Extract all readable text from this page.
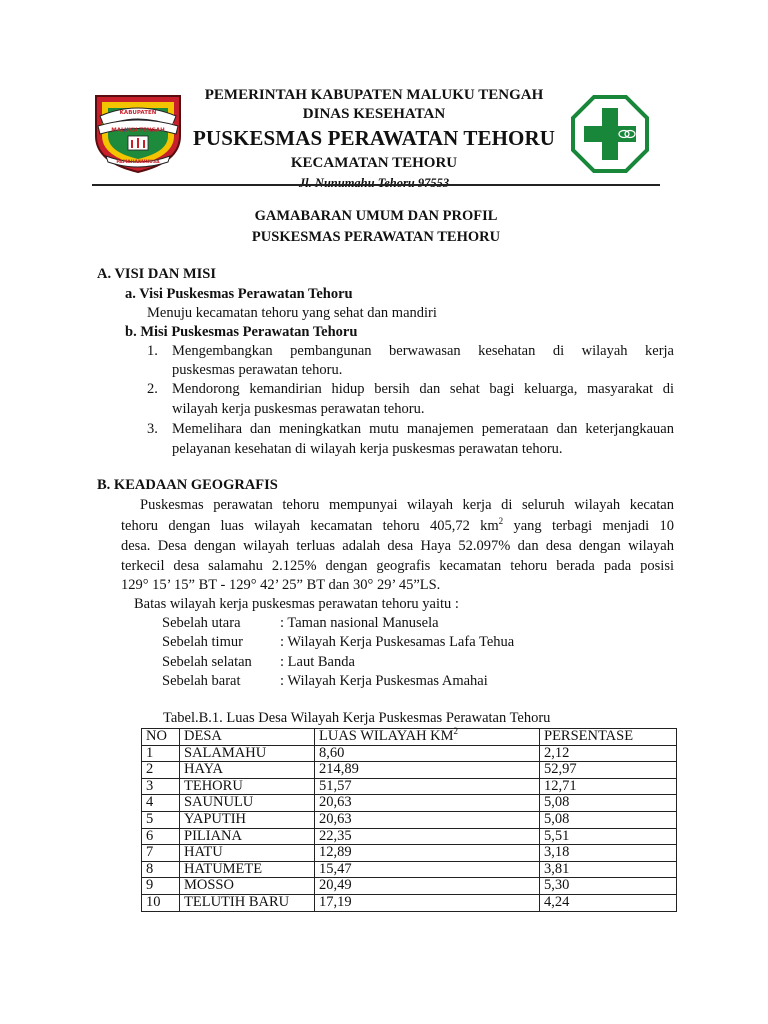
KABUPATEN
MALUKU TENGAH
PAMAHANUNUSA
PEMERINTAH KABUPATEN MALUKU TENGAH
DINAS KESEHATAN
PUSKESMAS PERAWATAN TEHORU
KECAMATAN TEHORU
Jl. Nunumahu Tehoru 97553
GAMABARAN UMUM DAN PROFIL
PUSKESMAS PERAWATAN TEHORU
A. VISI DAN MISI
a. Visi Puskesmas Perawatan Tehoru
Menuju kecamatan tehoru yang sehat dan mandiri
b. Misi Puskesmas Perawatan Tehoru
1. Mengembangkan pembangunan berwawasan kesehatan di wilayah kerja
puskesmas perawatan tehoru.
2. Mendorong kemandirian hidup bersih dan sehat bagi keluarga, masyarakat di
wilayah kerja puskesmas perawatan tehoru.
3. Memelihara dan meningkatkan mutu manajemen pemerataan dan keterjangkauan
pelayanan kesehatan di wilayah kerja puskesmas perawatan tehoru.
B. KEADAAN GEOGRAFIS
Puskesmas perawatan tehoru mempunyai wilayah kerja di seluruh wilayah kecatan
tehoru dengan luas wilayah kecamatan tehoru 405,72 $km^2$ yang terbagi menjadi 10
desa. Desa dengan wilayah terluas adalah desa Haya 52.097% dan desa dengan wilayah
terkecil desa salamahu 2.125% dengan geografis kecamatan tehoru berada pada posisi
129° 15’ 15” BT - 129° 42’ 25” BT dan 30° 29’ 45”LS.
Batas wilayah kerja puskesmas perawatan tehoru yaitu :
Sebelah utara	: Taman nasional Manusela
Sebelah timur	: Wilayah Kerja Puskesamas Lafa Tehua
Sebelah selatan : Laut Banda
Sebelah barat	: Wilayah Kerja Puskesmas Amahai
Tabel.B.1. Luas Desa Wilayah Kerja Puskesmas Perawatan Tehoru
NO	DESA	LUAS WILAYAH $KM^2$	PERSENTASE
1	SALAMAHU	8,60	2,12
2	HAYA	214,89	52,97
3	TEHORU	51,57	12,71
4	SAUNULU	20,63	5,08
5	YAPUTIH	20,63	5,08
6	PILIANA	22,35	5,51
7	HATU	12,89	3,18
8	HATUMETE	15,47	3,81
9	MOSSO	20,49	5,30
10	TELUTIH BARU	17,19	4,24
